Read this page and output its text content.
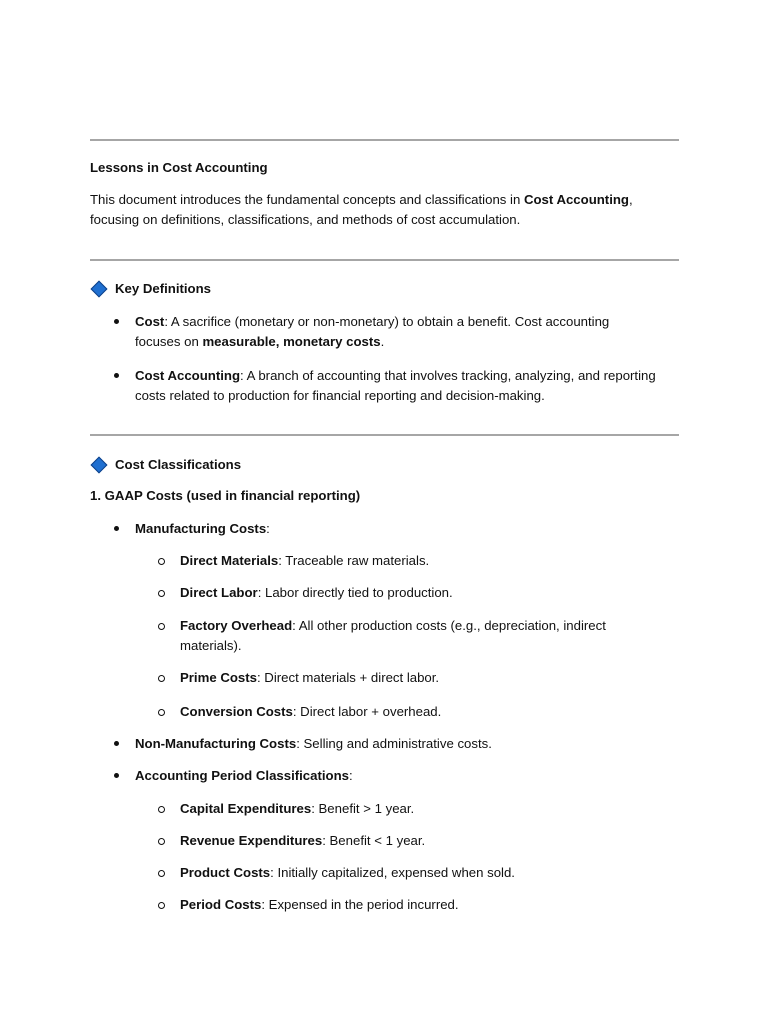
Lessons in Cost Accounting
This document introduces the fundamental concepts and classifications in Cost Accounting,
focusing on definitions, classifications, and methods of cost accumulation.
Key Definitions
Cost: A sacrifice (monetary or non-monetary) to obtain a benefit. Cost accounting
focuses on measurable, monetary costs.
Cost Accounting: A branch of accounting that involves tracking, analyzing, and reporting
costs related to production for financial reporting and decision-making.
Cost Classifications
1. GAAP Costs (used in financial reporting)
Manufacturing Costs:
Direct Materials: Traceable raw materials.
Direct Labor: Labor directly tied to production.
Factory Overhead: All other production costs (e.g., depreciation, indirect
materials).
Prime Costs: Direct materials + direct labor.
Conversion Costs: Direct labor + overhead.
Non-Manufacturing Costs: Selling and administrative costs.
Accounting Period Classifications:
Capital Expenditures: Benefit > 1 year.
Revenue Expenditures: Benefit < 1 year.
Product Costs: Initially capitalized, expensed when sold.
Period Costs: Expensed in the period incurred.
